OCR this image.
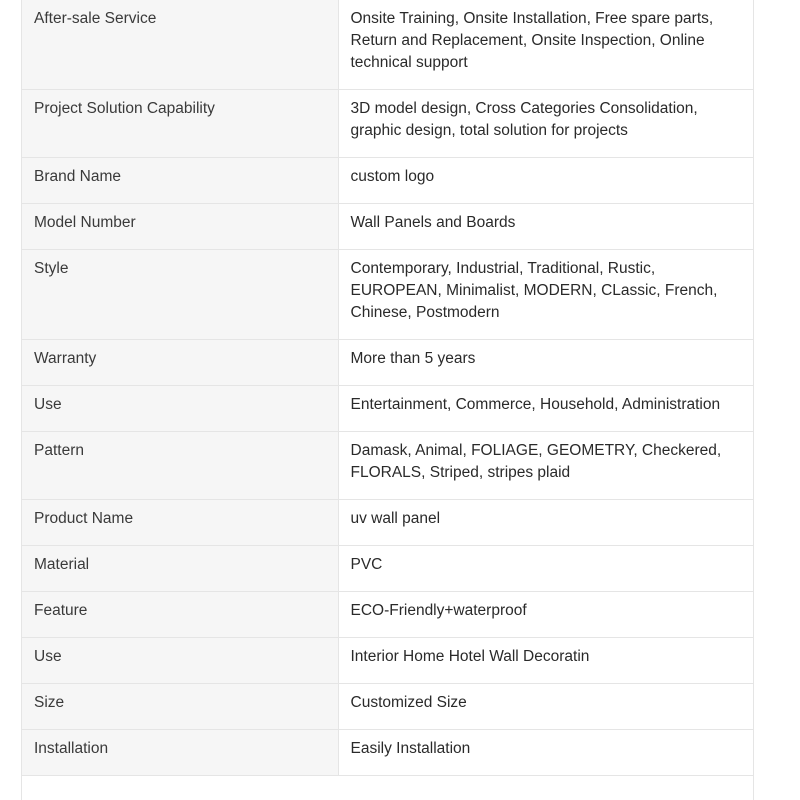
After-sale Service	Onsite Training, Onsite Installation, Free spare parts, Return and Replacement, Onsite Inspection, Online technical support
Project Solution Capability	3D model design, Cross Categories Consolidation, graphic design, total solution for projects
Brand Name	custom logo
Model Number	Wall Panels and Boards
Style	Contemporary, Industrial, Traditional, Rustic, EUROPEAN, Minimalist, MODERN, CLassic, French, Chinese, Postmodern
Warranty	More than 5 years
Use	Entertainment, Commerce, Household, Administration
Pattern	Damask, Animal, FOLIAGE, GEOMETRY, Checkered, FLORALS, Striped, stripes plaid
Product Name	uv wall panel
Material	PVC
Feature	ECO-Friendly+waterproof
Use	Interior Home Hotel Wall Decoratin
Size	Customized Size
Installation	Easily Installation
